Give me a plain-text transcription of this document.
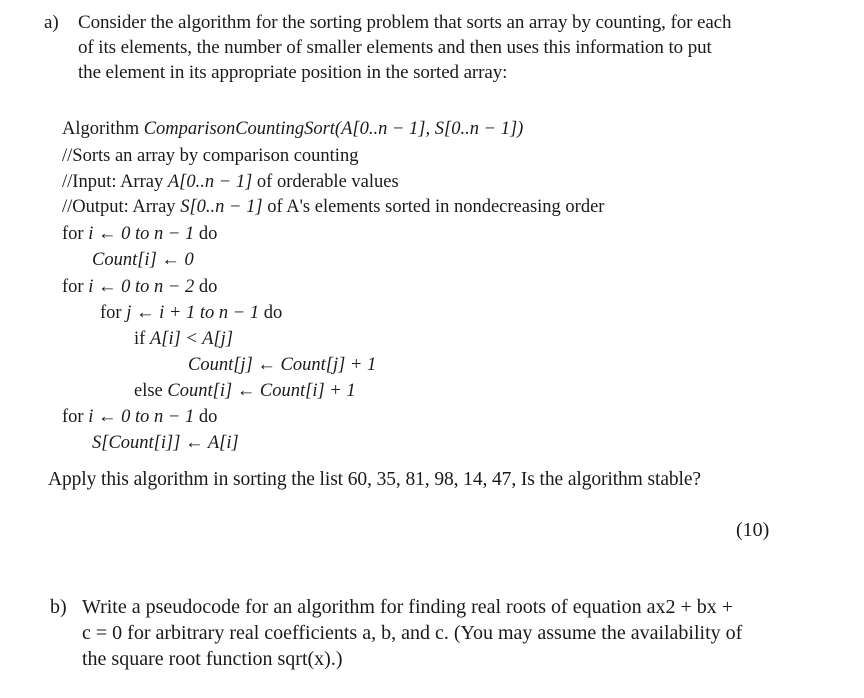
a) Consider the algorithm for the sorting problem that sorts an array by counting, for each
of its elements, the number of smaller elements and then uses this information to put
the element in its appropriate position in the sorted array:
Algorithm ComparisonCountingSort(A[0..n − 1], S[0..n − 1])
//Sorts an array by comparison counting
//Input: Array A[0..n − 1] of orderable values
//Output: Array S[0..n − 1] of A's elements sorted in nondecreasing order
for i ← 0 to n − 1 do
Count[i] ← 0
for i ← 0 to n − 2 do
for j ← i + 1 to n − 1 do
if A[i] < A[j]
Count[j] ← Count[j] + 1
else Count[i] ← Count[i] + 1
for i ← 0 to n − 1 do
S[Count[i]] ← A[i]
Apply this algorithm in sorting the list 60, 35, 81, 98, 14, 47, Is the algorithm stable?
(10)
b) Write a pseudocode for an algorithm for finding real roots of equation ax2 + bx +
c = 0 for arbitrary real coefficients a, b, and c. (You may assume the availability of
the square root function sqrt(x).)
